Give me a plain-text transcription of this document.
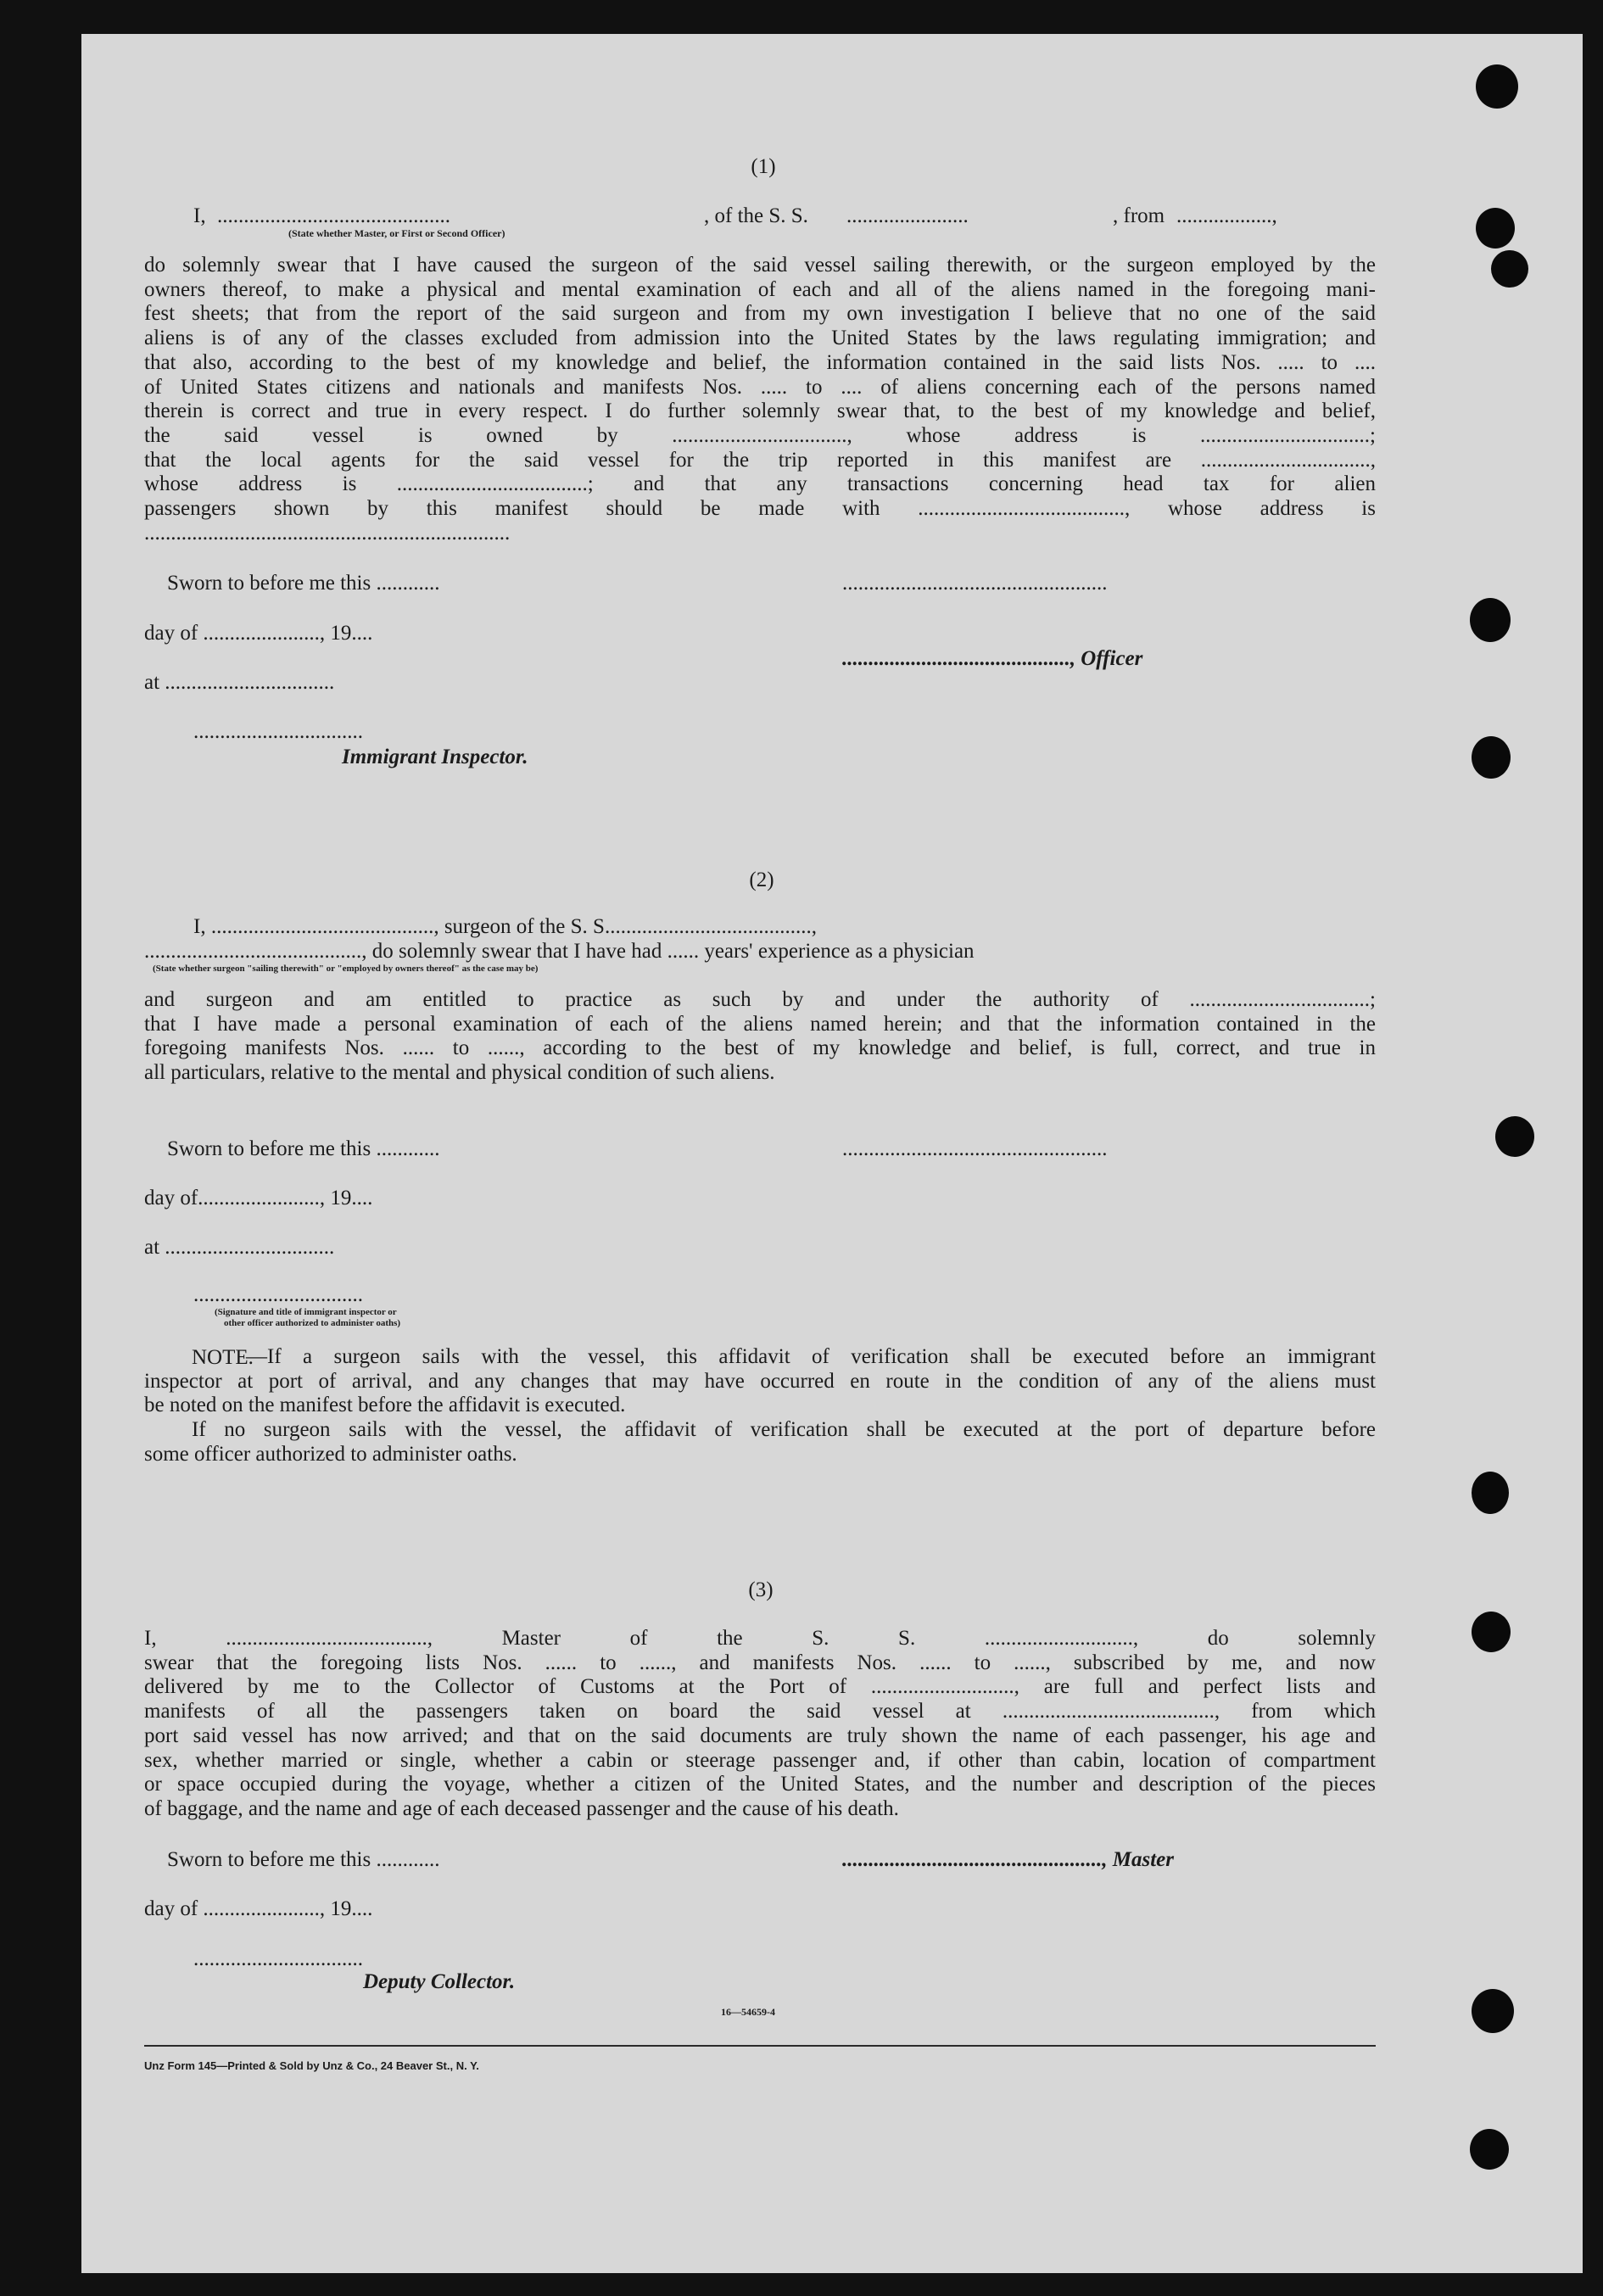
(1)
I, ............................................	, of the S. S. .......................	, from ..................,
(State whether Master, or First or Second Officer)
do solemnly swear that I have caused the surgeon of the said vessel sailing therewith, or the surgeon employed by the
owners thereof, to make a physical and mental examination of each and all of the aliens named in the foregoing mani-
fest sheets; that from the report of the said surgeon and from my own investigation I believe that no one of the said
aliens is of any of the classes excluded from admission into the United States by the laws regulating immigration; and
that also, according to the best of my knowledge and belief, the information contained in the said lists Nos. ..... to ....
of United States citizens and nationals and manifests Nos. ..... to .... of aliens concerning each of the persons named
therein is correct and true in every respect. I do further solemnly swear that, to the best of my knowledge and belief,
the said vessel is owned by ................................., whose address is ................................;
that the local agents for the said vessel for the trip reported in this manifest are ................................,
whose address is ....................................; and that any transactions concerning head tax for alien
passengers shown by this manifest should be made with ......................................., whose address is
.....................................................................
Sworn to before me this ............	..................................................
day of ......................, 19....
..........................................., Officer
at ................................
................................
Immigrant Inspector.
(2)
I, .........................................., surgeon of the S. S.......................................,
........................................., do solemnly swear that I have had ...... years' experience as a physician
(State whether surgeon "sailing therewith" or "employed by owners thereof" as the case may be)
and surgeon and am entitled to practice as such by and under the authority of ..................................;
that I have made a personal examination of each of the aliens named herein; and that the information contained in the
foregoing manifests Nos. ...... to ......, according to the best of my knowledge and belief, is full, correct, and true in
all particulars, relative to the mental and physical condition of such aliens.
Sworn to before me this ............	..................................................
day of......................., 19....
at ................................
................................
(Signature and title of immigrant inspector or
other officer authorized to administer oaths)
NOTE.
—If a surgeon sails with the vessel, this affidavit of verification shall be executed before an immigrant
inspector at port of arrival, and any changes that may have occurred en route in the condition of any of the aliens must
be noted on the manifest before the affidavit is executed.
If no surgeon sails with the vessel, the affidavit of verification shall be executed at the port of departure before
some officer authorized to administer oaths.
(3)
I, ......................................, Master of the S. S. ............................, do solemnly
swear that the foregoing lists Nos. ...... to ......, and manifests Nos. ...... to ......, subscribed by me, and now
delivered by me to the Collector of Customs at the Port of ..........................., are full and perfect lists and
manifests of all the passengers taken on board the said vessel at ........................................, from which
port said vessel has now arrived; and that on the said documents are truly shown the name of each passenger, his age and
sex, whether married or single, whether a cabin or steerage passenger and, if other than cabin, location of compartment
or space occupied during the voyage, whether a citizen of the United States, and the number and description of the pieces
of baggage, and the name and age of each deceased passenger and the cause of his death.
Sworn to before me this ............	................................................., Master
day of ......................, 19....
................................
Deputy Collector.
16—54659-4
Unz Form 145—Printed & Sold by Unz & Co., 24 Beaver St., N. Y.
